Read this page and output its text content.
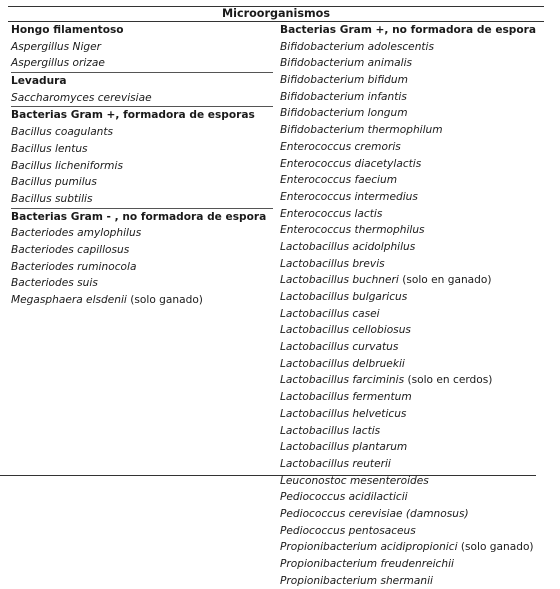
Microorganismos
Hongo filamentoso
Aspergillus Niger
Aspergillus orizae
Levadura
Saccharomyces cerevisiae
Bacterias Gram +, formadora de esporas
Bacillus coagulants
Bacillus lentus
Bacillus licheniformis
Bacillus pumilus
Bacillus subtilis
Bacterias Gram - , no formadora de espora
Bacteriodes amylophilus
Bacteriodes capillosus
Bacteriodes ruminocola
Bacteriodes suis
Megasphaera elsdenii (solo ganado)
Bacterias Gram +, no formadora de espora
Bifidobacterium adolescentis
Bifidobacterium animalis
Bifidobacterium bifidum
Bifidobacterium infantis
Bifidobacterium longum
Bifidobacterium thermophilum
Enterococcus cremoris
Enterococcus diacetylactis
Enterococcus faecium
Enterococcus intermedius
Enterococcus lactis
Enterococcus thermophilus
Lactobacillus acidolphilus
Lactobacillus brevis
Lactobacillus buchneri (solo en ganado)
Lactobacillus bulgaricus
Lactobacillus casei
Lactobacillus cellobiosus
Lactobacillus curvatus
Lactobacillus delbruekii
Lactobacillus farciminis (solo en cerdos)
Lactobacillus fermentum
Lactobacillus helveticus
Lactobacillus lactis
Lactobacillus plantarum
Lactobacillus reuterii
Leuconostoc mesenteroides
Pediococcus acidilacticii
Pediococcus cerevisiae (damnosus)
Pediococcus pentosaceus
Propionibacterium acidipropionici (solo ganado)
Propionibacterium freudenreichii
Propionibacterium shermanii
